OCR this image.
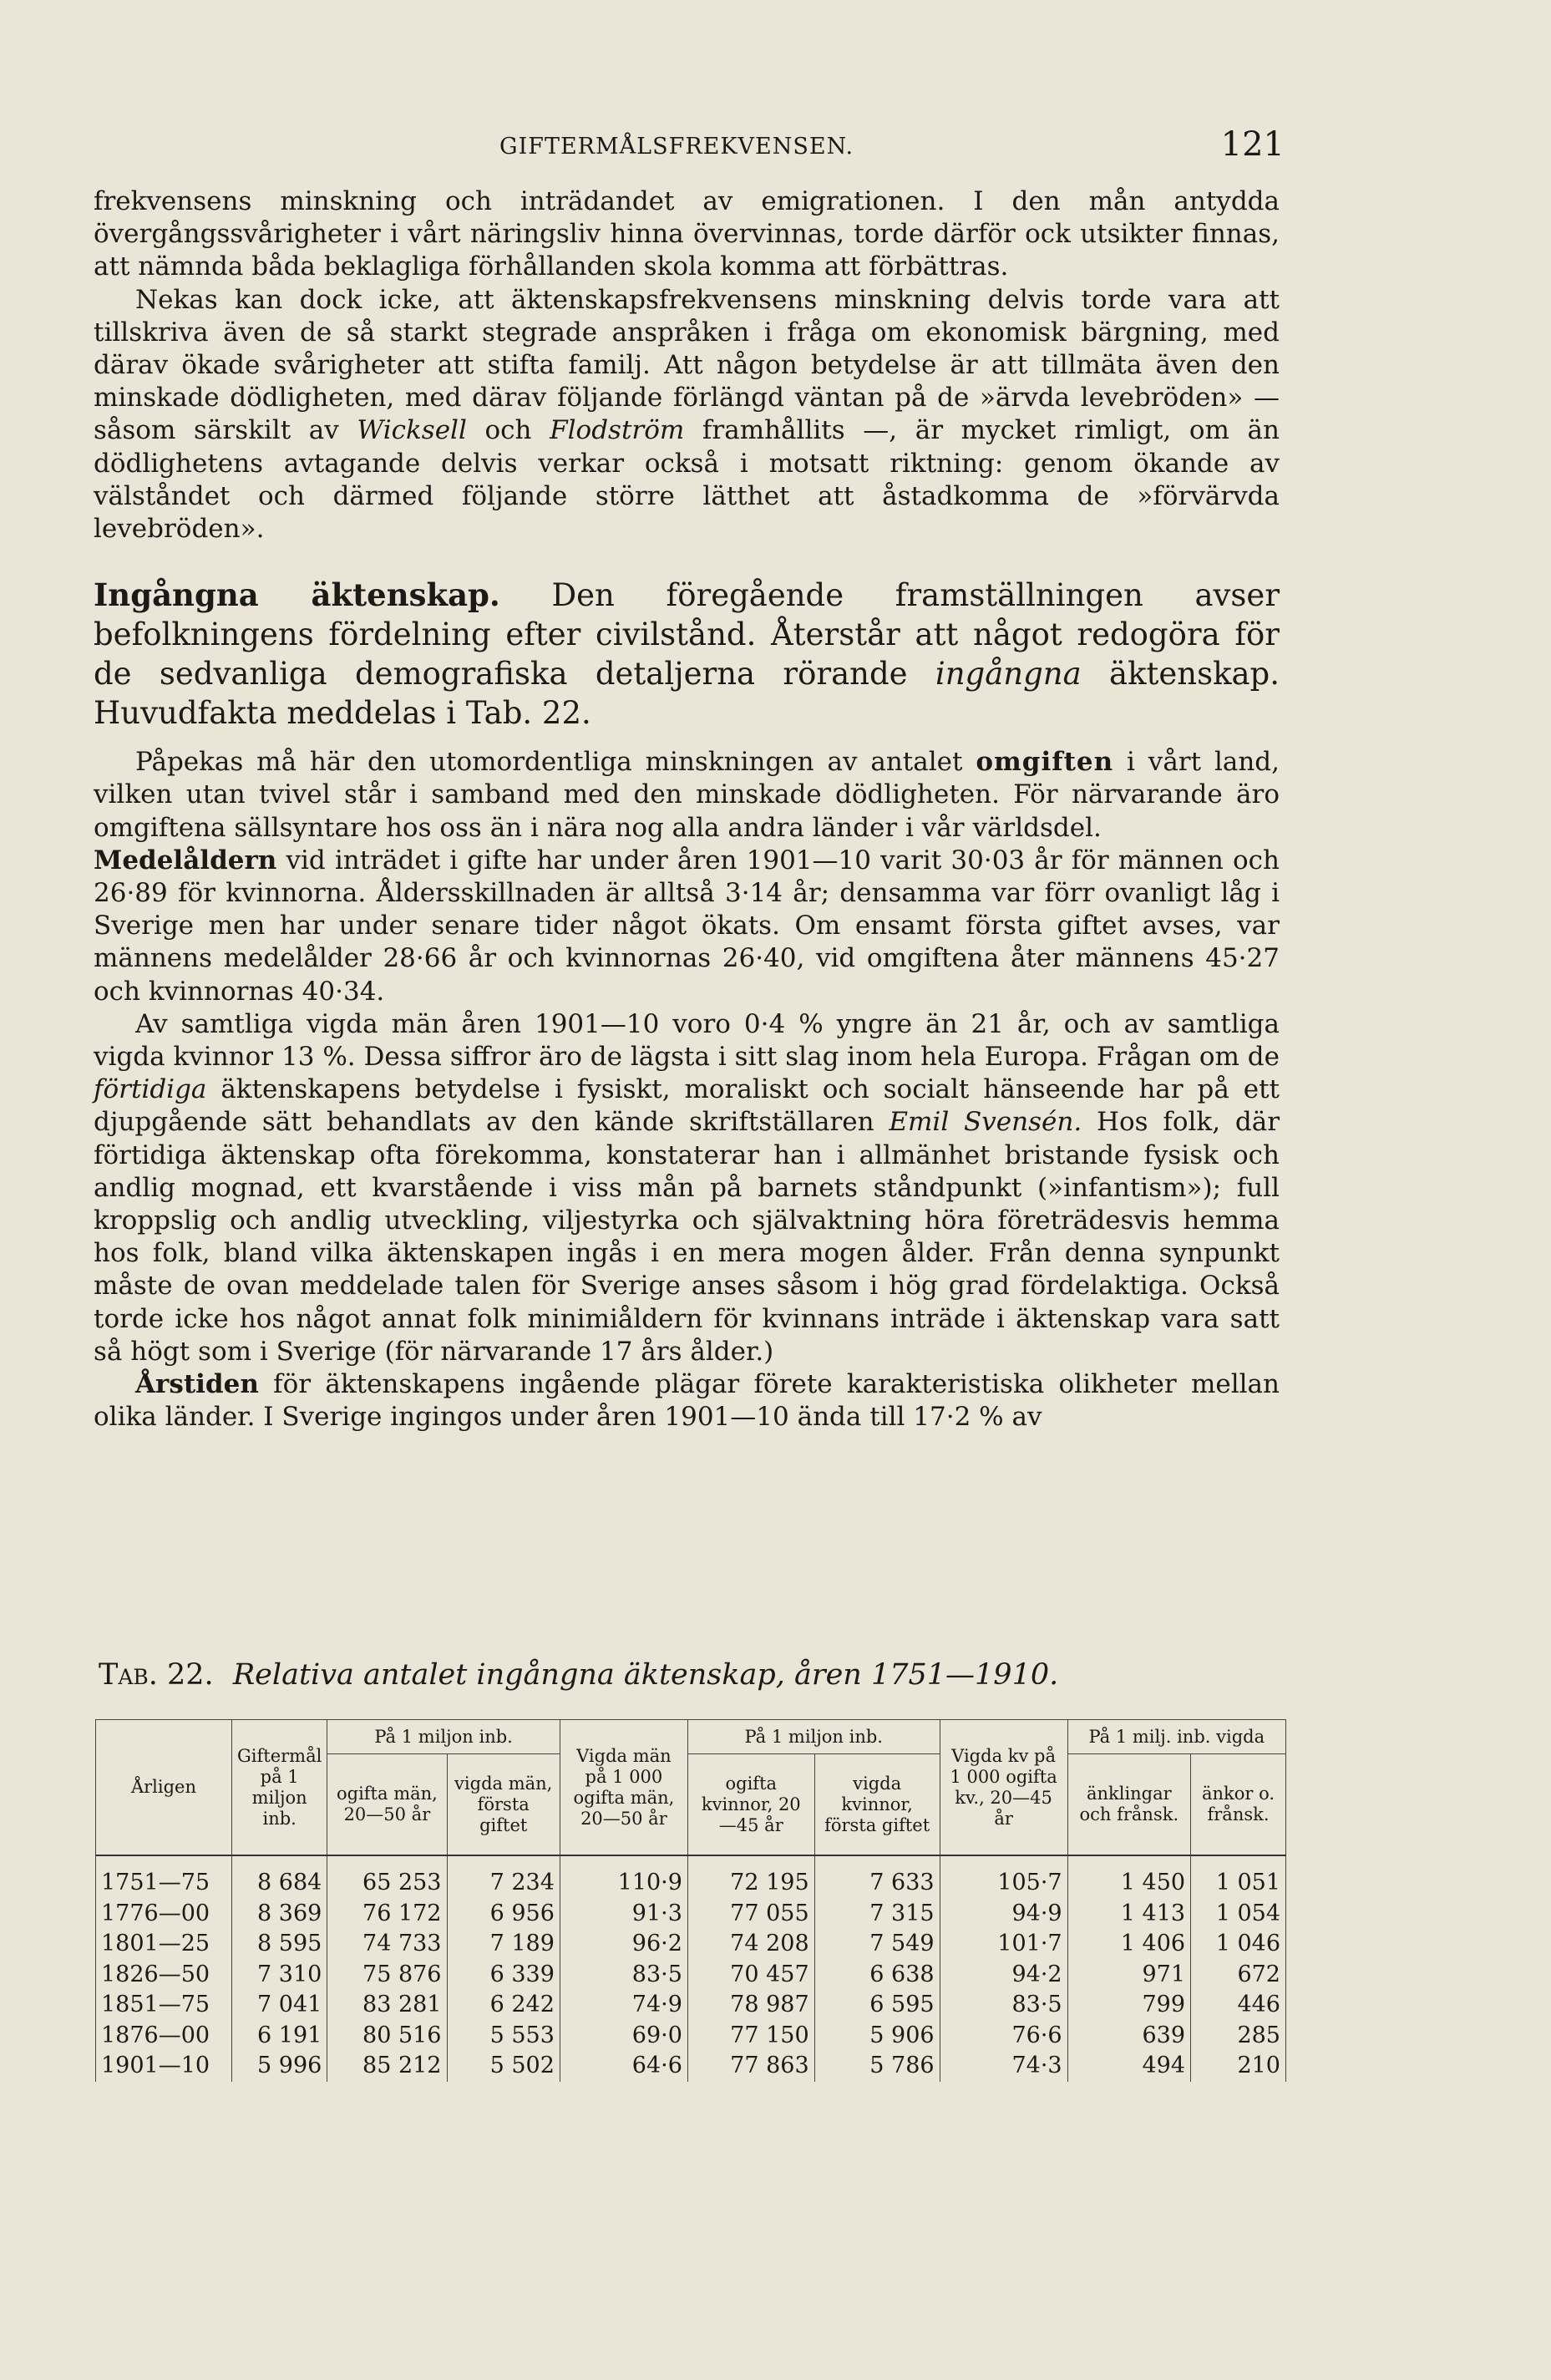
GIFTERMÅLSFREKVENSEN.	121

frekvensens minskning och inträdandet av emigrationen. I den mån antydda övergångssvårigheter i vårt näringsliv hinna övervinnas, torde därför ock utsikter finnas, att nämnda båda beklagliga förhållanden skola komma att förbättras.

Nekas kan dock icke, att äktenskapsfrekvensens minskning delvis torde vara att tillskriva även de så starkt stegrade anspråken i fråga om ekonomisk bärgning, med därav ökade svårigheter att stifta familj. Att någon betydelse är att tillmäta även den minskade dödligheten, med därav följande förlängd väntan på de »ärvda levebröden» — såsom särskilt av Wicksell och Flodström framhållits —, är mycket rimligt, om än dödlighetens avtagande delvis verkar också i motsatt riktning: genom ökande av välståndet och därmed följande större lätthet att åstadkomma de »förvärvda levebröden».

Ingångna äktenskap. Den föregående framställningen avser befolkningens fördelning efter civilstånd. Återstår att något redogöra för de sedvanliga demografiska detaljerna rörande ingångna äktenskap. Huvudfakta meddelas i Tab. 22.

Påpekas må här den utomordentliga minskningen av antalet omgiften i vårt land, vilken utan tvivel står i samband med den minskade dödligheten. För närvarande äro omgiftena sällsyntare hos oss än i nära nog alla andra länder i vår världsdel.

Medelåldern vid inträdet i gifte har under åren 1901—10 varit 30·03 år för männen och 26·89 för kvinnorna. Åldersskillnaden är alltså 3·14 år; densamma var förr ovanligt låg i Sverige men har under senare tider något ökats. Om ensamt första giftet avses, var männens medelålder 28·66 år och kvinnornas 26·40, vid omgiftena åter männens 45·27 och kvinnornas 40·34.

Av samtliga vigda män åren 1901—10 voro 0·4 % yngre än 21 år, och av samtliga vigda kvinnor 13 %. Dessa siffror äro de lägsta i sitt slag inom hela Europa. Frågan om de förtidiga äktenskapens betydelse i fysiskt, moraliskt och socialt hänseende har på ett djupgående sätt behandlats av den kände skriftställaren Emil Svensén. Hos folk, där förtidiga äktenskap ofta förekomma, konstaterar han i allmänhet bristande fysisk och andlig mognad, ett kvarstående i viss mån på barnets ståndpunkt (»infantism»); full kroppslig och andlig utveckling, viljestyrka och självaktning höra företrädesvis hemma hos folk, bland vilka äktenskapen ingås i en mera mogen ålder. Från denna synpunkt måste de ovan meddelade talen för Sverige anses såsom i hög grad fördelaktiga. Också torde icke hos något annat folk minimiåldern för kvinnans inträde i äktenskap vara satt så högt som i Sverige (för närvarande 17 års ålder.)

Årstiden för äktenskapens ingående plägar förete karakteristiska olikheter mellan olika länder. I Sverige ingingos under åren 1901—10 ända till 17·2 % av

Tab. 22. Relativa antalet ingångna äktenskap, åren 1751—1910.
Årligen	Giftermål på 1 miljon inb.	På 1 miljon inb.		Vigda män på 1 000 ogifta män, 20—50 år	På 1 miljon inb.		Vigda kv på 1 000 ogifta kv., 20—45 år	På 1 milj. inb. vigda	
		ogifta män, 20—50 år	vigda män, första giftet		ogifta kvinnor, 20—45 år	vigda kvinnor, första giftet		änklingar och frånsk.	änkor o. frånsk.
1751—75	8 684	65 253	7 234	110·9	72 195	7 633	105·7	1 450	1 051
1776—00	8 369	76 172	6 956	91·3	77 055	7 315	94·9	1 413	1 054
1801—25	8 595	74 733	7 189	96·2	74 208	7 549	101·7	1 406	1 046
1826—50	7 310	75 876	6 339	83·5	70 457	6 638	94·2	971	672
1851—75	7 041	83 281	6 242	74·9	78 987	6 595	83·5	799	446
1876—00	6 191	80 516	5 553	69·0	77 150	5 906	76·6	639	285
1901—10	5 996	85 212	5 502	64·6	77 863	5 786	74·3	494	210
